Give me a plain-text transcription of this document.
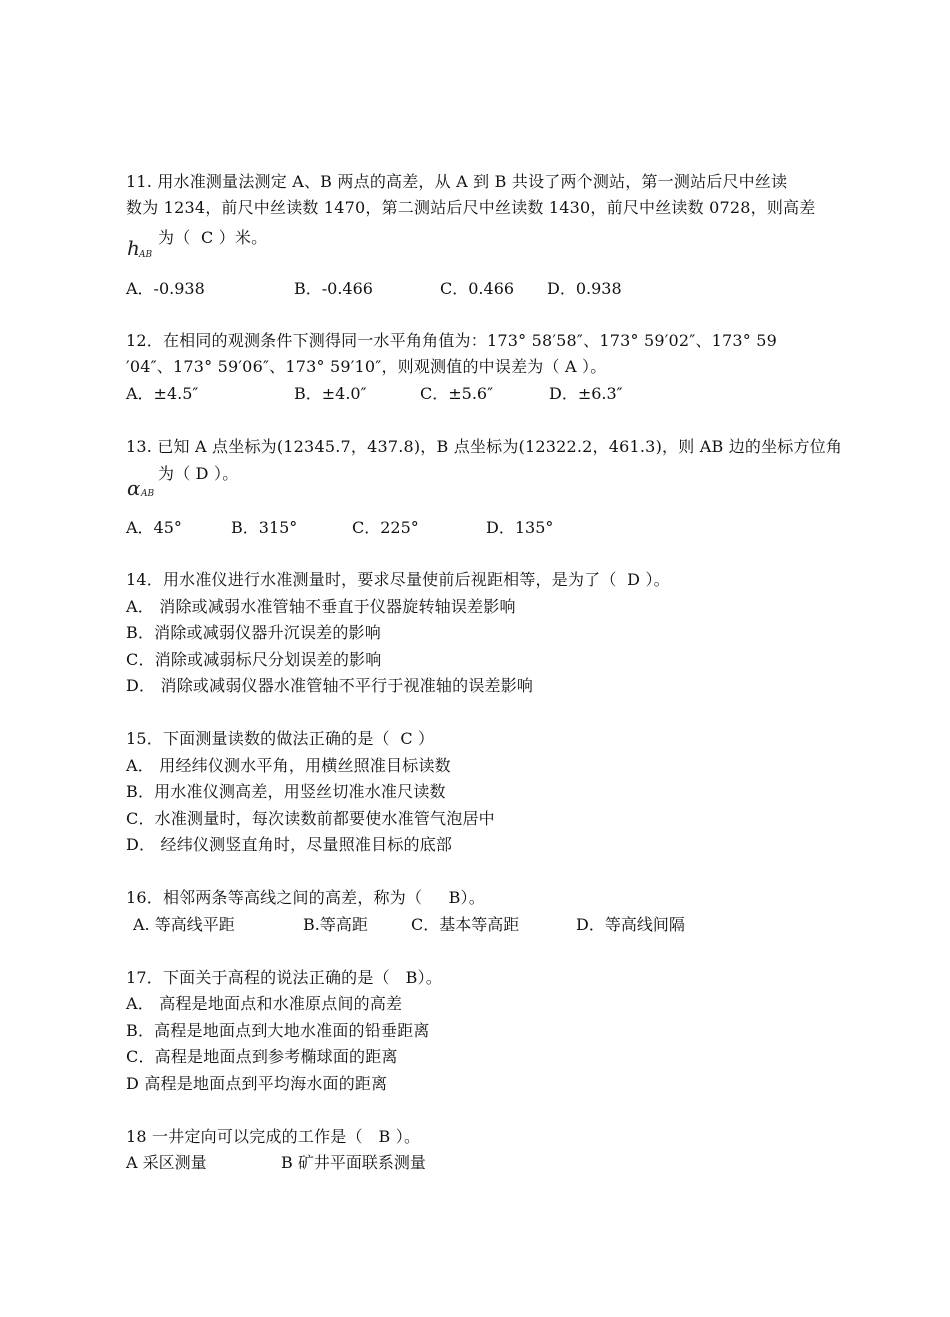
11. 用水准测量法测定 A、B 两点的高差，从 A 到 B 共设了两个测站，第一测站后尺中丝读
数为 1234，前尺中丝读数 1470，第二测站后尺中丝读数 1430，前尺中丝读数 0728，则高差
h AB
为（  C ）米。
A．-0.938	B．-0.466	C．0.466 D．0.938
12．在相同的观测条件下测得同一水平角角值为：173° 58′58″、173° 59′02″、173° 59
′04″、173° 59′06″、173° 59′10″，则观测值的中误差为（ A ）。
A．±4.5″	B．±4.0″	C．±5.6″	D．±6.3″
13. 已知 A 点坐标为(12345.7，437.8)，B 点坐标为(12322.2，461.3)，则 AB 边的坐标方位角
α AB
为（ D ）。
A．45°	B．315°	C．225°	D．135°
14．用水准仪进行水准测量时，要求尽量使前后视距相等，是为了（  D ）。
A． 消除或减弱水准管轴不垂直于仪器旋转轴误差影响
B．消除或减弱仪器升沉误差的影响
C．消除或减弱标尺分划误差的影响
D． 消除或减弱仪器水准管轴不平行于视准轴的误差影响
15．下面测量读数的做法正确的是（  C ）
A． 用经纬仪测水平角，用横丝照准目标读数
B．用水准仪测高差，用竖丝切准水准尺读数
C．水准测量时，每次读数前都要使水准管气泡居中
D． 经纬仪测竖直角时，尽量照准目标的底部
16．相邻两条等高线之间的高差，称为（     B）。
A. 等高线平距	B.等高距	C．基本等高距	D．等高线间隔
17．下面关于高程的说法正确的是（   B）。
A． 高程是地面点和水准原点间的高差
B．高程是地面点到大地水准面的铅垂距离
C．高程是地面点到参考椭球面的距离
D 高程是地面点到平均海水面的距离
18 一井定向可以完成的工作是（   B ）。
A 采区测量	B 矿井平面联系测量
